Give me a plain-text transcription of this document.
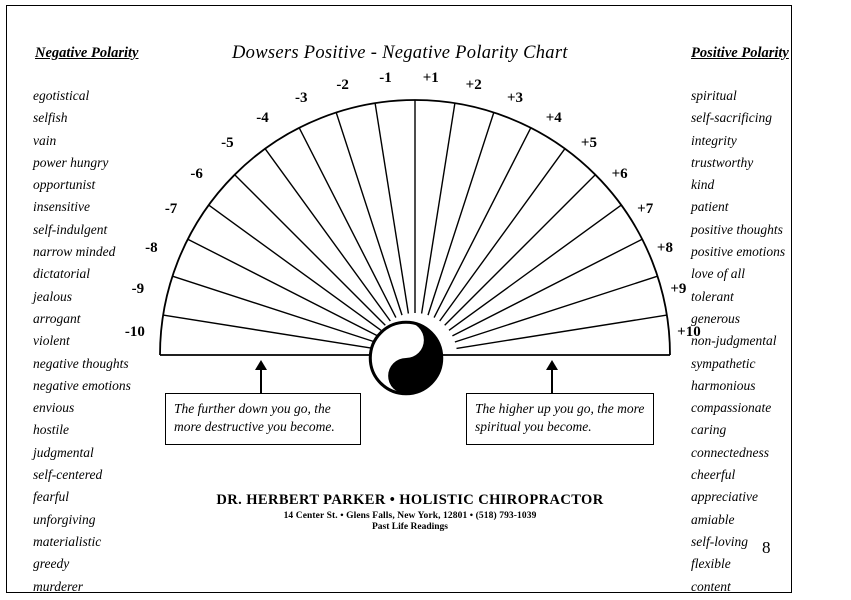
Dowsers Positive - Negative Polarity Chart
Negative Polarity	Positive Polarity
egotistical
selfish
vain
power hungry
opportunist
insensitive
self-indulgent
narrow minded
dictatorial
jealous
arrogant
violent
negative thoughts
negative emotions
envious
hostile
judgmental
self-centered
fearful
unforgiving
materialistic
greedy
murderer
spiritual
self-sacrificing
integrity
trustworthy
kind
patient
positive thoughts
positive emotions
love of all
tolerant
generous
non-judgmental
sympathetic
harmonious
compassionate
caring
connectedness
cheerful
appreciative
amiable
self-loving
flexible
content
-10
-9
-8
-7
-6
-5
-4
-3
-2 -1 +1 +2
+3
+4
+5
+6
+7
+8
+9
+10
The further down you go, the more destructive you become.
The higher up you go, the more spiritual you become.
DR. HERBERT PARKER • HOLISTIC CHIROPRACTOR
14 Center St. • Glens Falls, New York, 12801 • (518) 793-1039
Past Life Readings
8
